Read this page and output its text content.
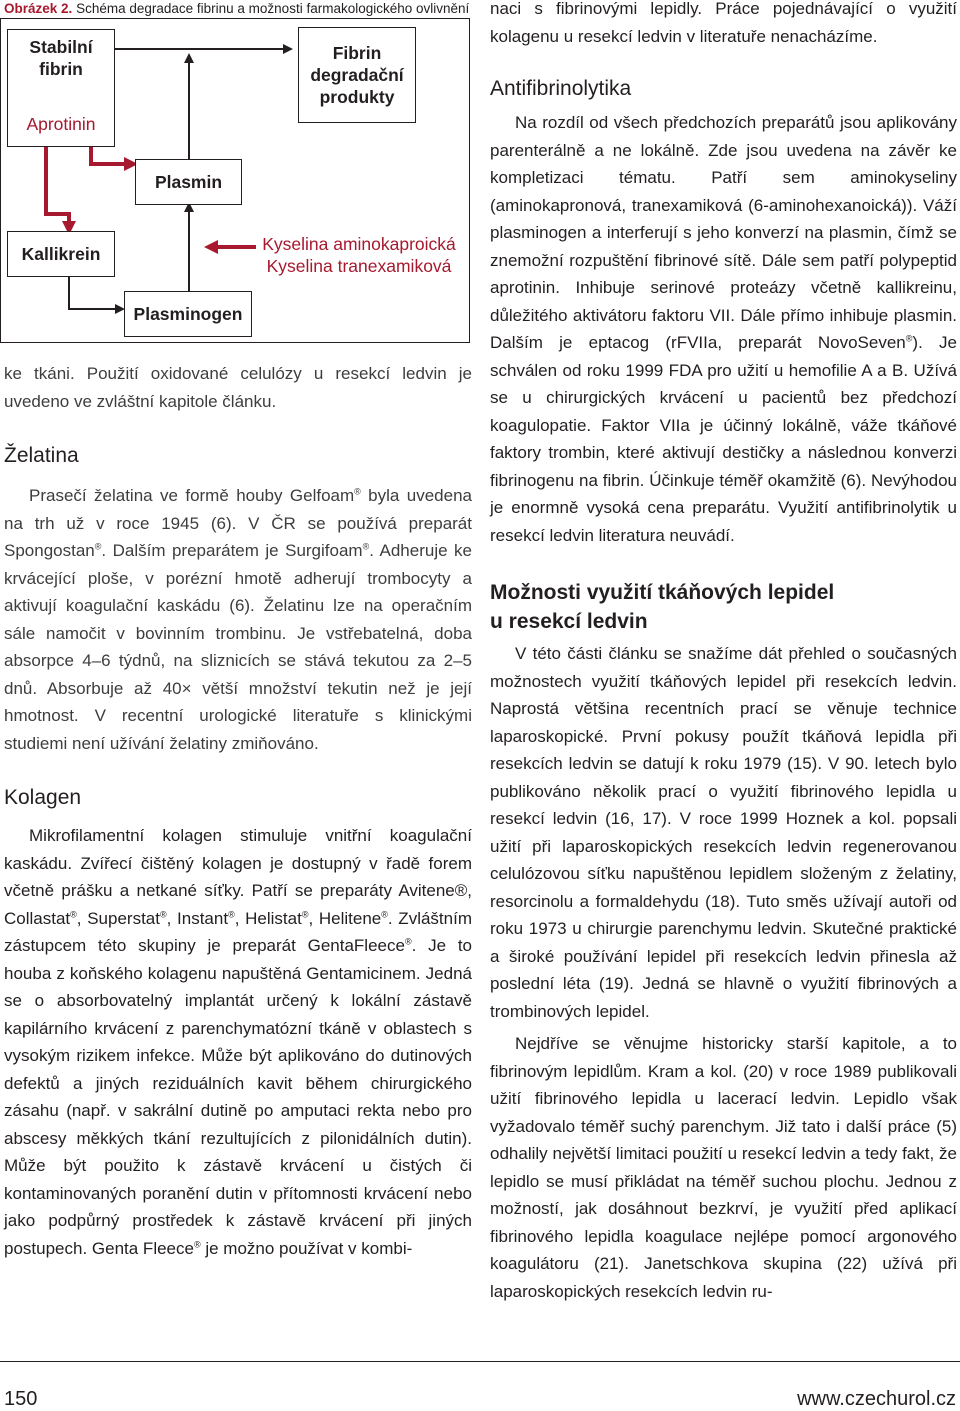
Obrázek 2. Schéma degradace fibrinu a možnosti farmakologického ovlivnění
Stabilní fibrin
Aprotinin
Fibrin degradační produkty
Plasmin
Kallikrein	Kyselina aminokaproická
Kyselina tranexamiková
Plasminogen

ke tkáni. Použití oxidované celulózy u resekcí ledvin je uvedeno ve zvláštní kapitole článku.

Želatina

Prasečí želatina ve formě houby Gelfoam® byla uvedena na trh už v roce 1945 (6). V ČR se používá preparát Spongostan®. Dalším preparátem je Surgifoam®. Adheruje ke krvácející ploše, v porézní hmotě adherují trombocyty a aktivují koagulační kaskádu (6). Želatinu lze na operačním sále namočit v bovinním trombinu. Je vstřebatelná, doba absorpce 4–6 týdnů, na sliznicích se stává tekutou za 2–5 dnů. Absorbuje až 40× větší množství tekutin než je její hmotnost. V recentní urologické literatuře s klinickými studiemi není užívání želatiny zmiňováno.

Kolagen

Mikrofilamentní kolagen stimuluje vnitřní koagulační kaskádu. Zvířecí čištěný kolagen je dostupný v řadě forem včetně prášku a netkané síťky. Patří se preparáty Avitene®, Collastat®, Superstat®, Instant®, Helistat®, Helitene®. Zvláštním zástupcem této skupiny je preparát GentaFleece®. Je to houba z koňského kolagenu napuštěná Gentamicinem. Jedná se o absorbovatelný implantát určený k lokální zástavě kapilárního krvácení z parenchymatózní tkáně v oblastech s vysokým rizikem infekce. Může být aplikováno do dutinových defektů a jiných reziduálních kavit během chirurgického zásahu (např. v sakrální dutině po amputaci rekta nebo pro abscesy měkkých tkání rezultujících z pilonidálních dutin). Může být použito k zástavě krvácení u čistých či kontaminovaných poranění dutin v přítomnosti krvácení nebo jako podpůrný prostředek k zástavě krvácení při jiných postupech. Genta Fleece® je možno používat v kombi-

naci s fibrinovými lepidly. Práce pojednávající o využití kolagenu u resekcí ledvin v literatuře nenacházíme.

Antifibrinolytika

Na rozdíl od všech předchozích preparátů jsou aplikovány parenterálně a ne lokálně. Zde jsou uvedena na závěr ke kompletizaci tématu. Patří sem aminokyseliny (aminokapronová, tranexamiková (6-aminohexanoická)). Váží plasminogen a interferují s jeho konverzí na plasmin, čímž se znemožní rozpuštění fibrinové sítě. Dále sem patří polypeptid aprotinin. Inhibuje serinové proteázy včetně kallikreinu, důležitého aktivátoru faktoru VII. Dále přímo inhibuje plasmin. Dalším je eptacog (rFVIIa, preparát NovoSeven®). Je schválen od roku 1999 FDA pro užití u hemofilie A a B. Užívá se u chirurgických krvácení u pacientů bez předchozí koagulopatie. Faktor VIIa je účinný lokálně, váže tkáňové faktory trombin, které aktivují destičky a následnou konverzi fibrinogenu na fibrin. Účinkuje téměř okamžitě (6). Nevýhodou je enormně vysoká cena preparátu. Využití antifibrinolytik u resekcí ledvin literatura neuvádí.

Možnosti využití tkáňových lepidel
u resekcí ledvin

V této části článku se snažíme dát přehled o současných možnostech využití tkáňových lepidel při resekcích ledvin. Naprostá většina recentních prací se věnuje technice laparoskopické. První pokusy použít tkáňová lepidla při resekcích ledvin se datují k roku 1979 (15). V 90. letech bylo publikováno několik prací o využití fibrinového lepidla u resekcí ledvin (16, 17). V roce 1999 Hoznek a kol. popsali užití při laparoskopických resekcích ledvin regenerovanou celulózovou síťku napuštěnou lepidlem složeným z želatiny, resorcinolu a formaldehydu (18). Tuto směs užívají autoři od roku 1973 u chirurgie parenchymu ledvin. Skutečné praktické a široké používání lepidel při resekcích ledvin přinesla až poslední léta (19). Jedná se hlavně o využití fibrinových a trombinových lepidel.

Nejdříve se věnujme historicky starší kapitole, a to fibrinovým lepidlům. Kram a kol. (20) v roce 1989 publikovali užití fibrinového lepidla u lacerací ledvin. Lepidlo však vyžadovalo téměř suchý parenchym. Již tato i další práce (5) odhalily největší limitaci použití u resekcí ledvin a tedy fakt, že lepidlo se musí přikládat na téměř suchou plochu. Jednou z možností, jak dosáhnout bezkrví, je využití před aplikací fibrinového lepidla koagulace nejlépe pomocí argonového koagulátoru (21). Janetschkova skupina (22) užívá při laparoskopických resekcích ledvin ru-

150	www.czechurol.cz
